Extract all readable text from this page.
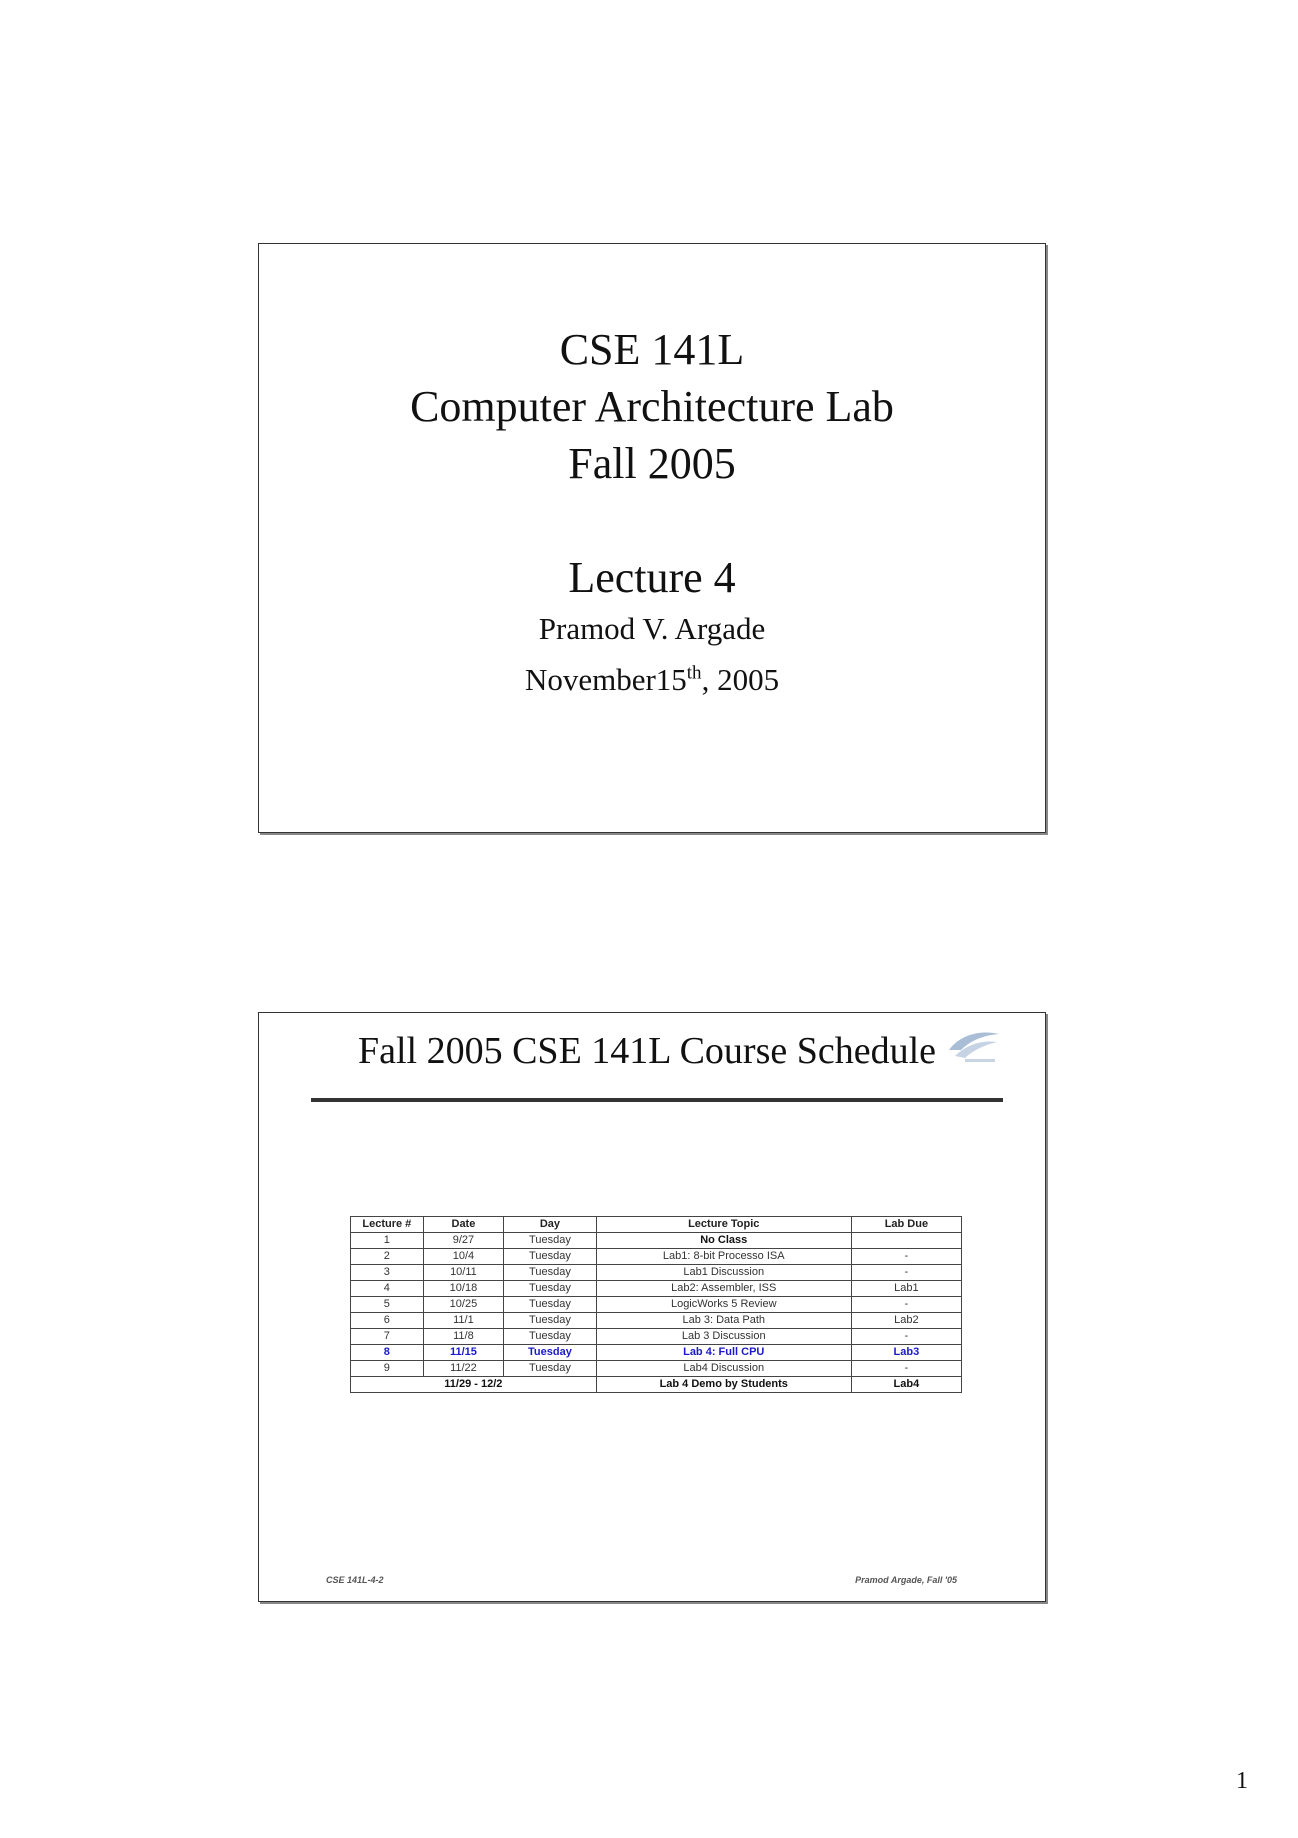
CSE 141L
Computer Architecture Lab
Fall 2005
Lecture 4
Pramod V. Argade
November15th, 2005
Fall 2005 CSE 141L Course Schedule
Lecture #	Date	Day	Lecture Topic	Lab Due
1	9/27	Tuesday	No Class	
2	10/4	Tuesday	Lab1: 8-bit Processo ISA	-
3	10/11	Tuesday	Lab1 Discussion	-
4	10/18	Tuesday	Lab2: Assembler, ISS	Lab1
5	10/25	Tuesday	LogicWorks 5 Review	-
6	11/1	Tuesday	Lab 3: Data Path	Lab2
7	11/8	Tuesday	Lab 3 Discussion	-
8	11/15	Tuesday	Lab 4: Full CPU	Lab3
9	11/22	Tuesday	Lab4 Discussion	-
11/29 - 12/2			Lab 4 Demo by Students	Lab4
CSE 141L-4-2	Pramod Argade, Fall '05
1
